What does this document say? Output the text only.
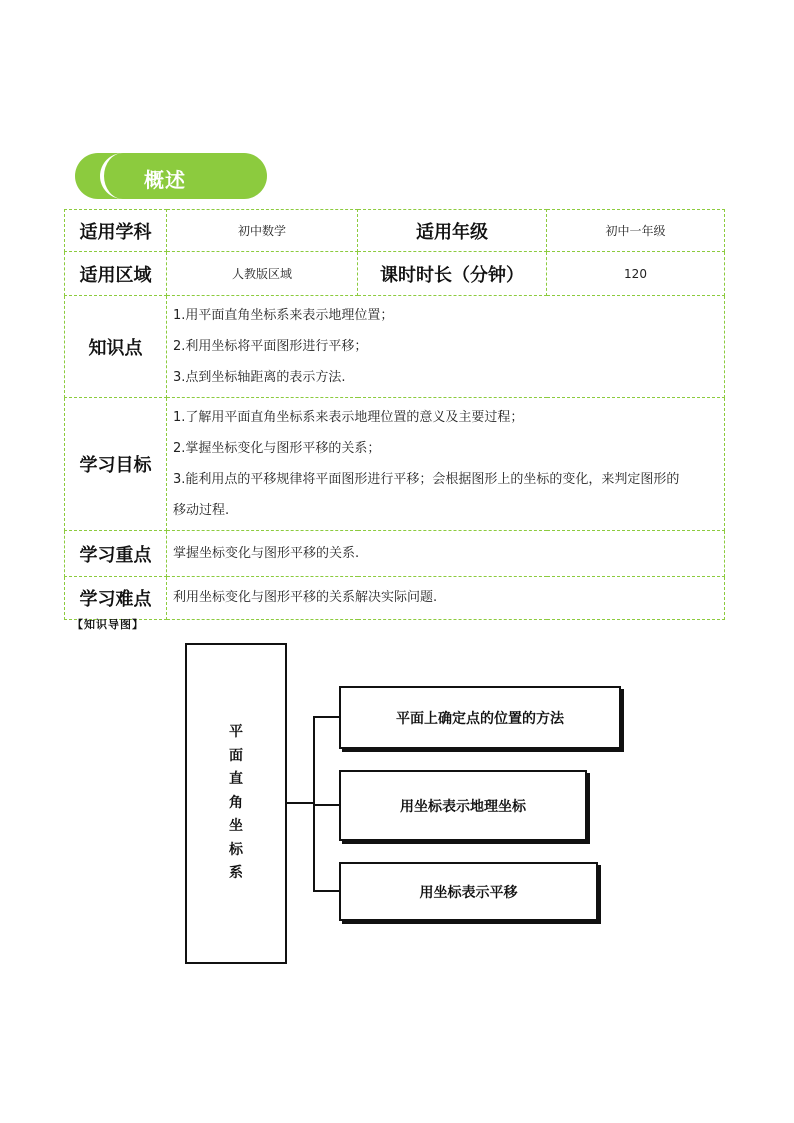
概述
适用学科	初中数学	适用年级	初中一年级
适用区域	人教版区域	课时时长（分钟）	120
知识点	1.用平面直角坐标系来表示地理位置；
2.利用坐标将平面图形进行平移；
3.点到坐标轴距离的表示方法.		

学习目标	1.了解用平面直角坐标系来表示地理位置的意义及主要过程；
2.掌握坐标变化与图形平移的关系；
3.能利用点的平移规律将平面图形进行平移；会根据图形上的坐标的变化，来判定图形的
移动过程.		

学习重点	掌握坐标变化与图形平移的关系.		

学习难点	利用坐标变化与图形平移的关系解决实际问题.		
【知识导图】
平
面
直
角
坐
标
系
平面上确定点的位置的方法
用坐标表示地理坐标
用坐标表示平移
